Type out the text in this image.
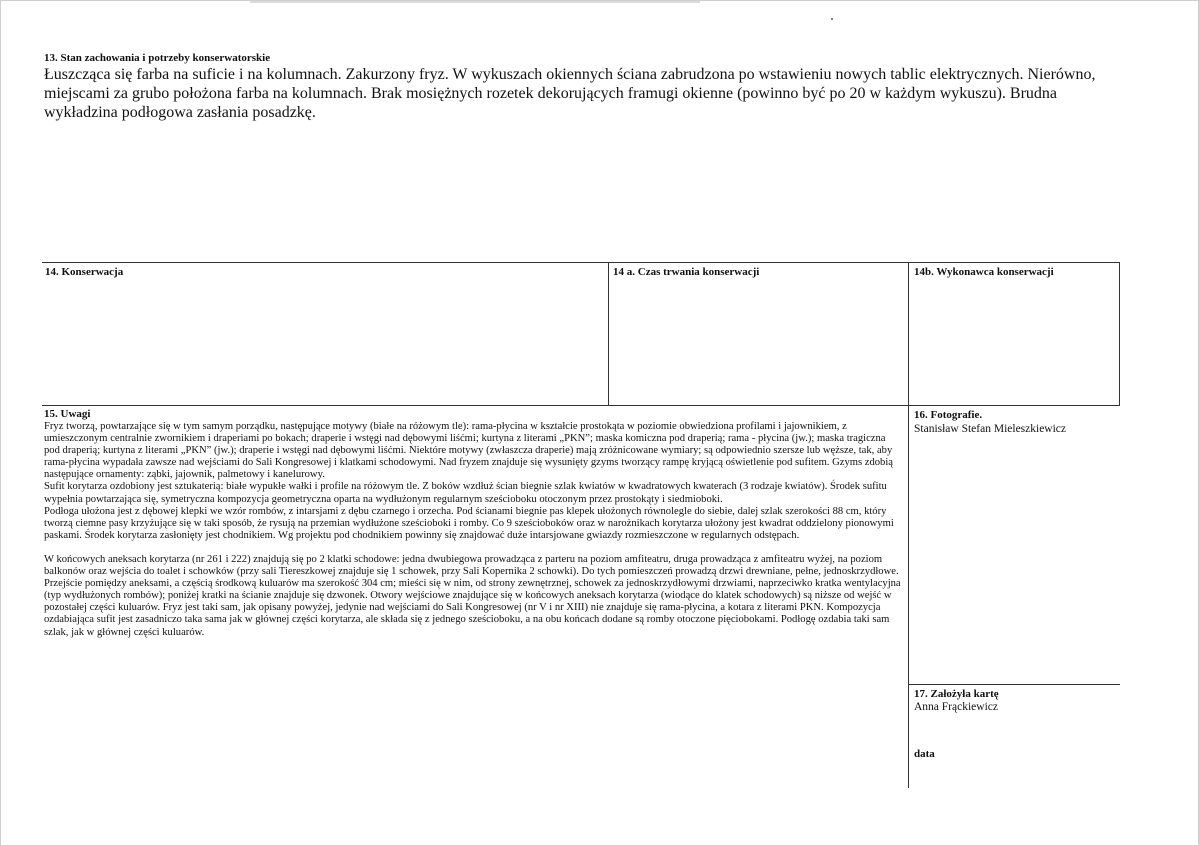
13. Stan zachowania i potrzeby konserwatorskie
Łuszcząca się farba na suficie i na kolumnach. Zakurzony fryz. W wykuszach okiennych ściana zabrudzona po wstawieniu nowych tablic elektrycznych. Nierówno, miejscami za grubo położona farba na kolumnach. Brak mosiężnych rozetek dekorujących framugi okienne (powinno być po 20 w każdym wykuszu). Brudna wykładzina podłogowa zasłania posadzkę.
14. Konserwacja	14 a. Czas trwania konserwacji	14b. Wykonawca konserwacji
15. Uwagi

Fryz tworzą, powtarzające się w tym samym porządku, następujące motywy (białe na różowym tle): rama-płycina w kształcie prostokąta w poziomie obwiedziona profilami i jajownikiem, z umieszczonym centralnie zwornikiem i draperiami po bokach; draperie i wstęgi nad dębowymi liśćmi; kurtyna z literami „PKN”; maska komiczna pod draperią; rama - płycina (jw.); maska tragiczna pod draperią; kurtyna z literami „PKN” (jw.); draperie i wstęgi nad dębowymi liśćmi. Niektóre motywy (zwłaszcza draperie) mają zróżnicowane wymiary; są odpowiednio szersze lub węższe, tak, aby rama-płycina wypadała zawsze nad wejściami do Sali Kongresowej i klatkami schodowymi. Nad fryzem znajduje się wysunięty gzyms tworzący rampę kryjącą oświetlenie pod sufitem. Gzyms zdobią następujące ornamenty: ząbki, jajownik, palmetowy i kanelurowy.

Sufit korytarza ozdobiony jest sztukaterią: białe wypukłe wałki i profile na różowym tle. Z boków wzdłuż ścian biegnie szlak kwiatów w kwadratowych kwaterach (3 rodzaje kwiatów). Środek sufitu wypełnia powtarzająca się, symetryczna kompozycja geometryczna oparta na wydłużonym regularnym sześcioboku otoczonym przez prostokąty i siedmioboki.

Podłoga ułożona jest z dębowej klepki we wzór rombów, z intarsjami z dębu czarnego i orzecha. Pod ścianami biegnie pas klepek ułożonych równolegle do siebie, dalej szlak szerokości 88 cm, który tworzą ciemne pasy krzyżujące się w taki sposób, że rysują na przemian wydłużone sześcioboki i romby. Co 9 sześcioboków oraz w narożnikach korytarza ułożony jest kwadrat oddzielony pionowymi paskami. Środek korytarza zasłonięty jest chodnikiem. Wg projektu pod chodnikiem powinny się znajdować duże intarsjowane gwiazdy rozmieszczone w regularnych odstępach.

W końcowych aneksach korytarza (nr 261 i 222) znajdują się po 2 klatki schodowe: jedna dwubiegowa prowadząca z parteru na poziom amfiteatru, druga prowadząca z amfiteatru wyżej, na poziom balkonów oraz wejścia do toalet i schowków (przy sali Tiereszkowej znajduje się 1 schowek, przy Sali Kopernika 2 schowki). Do tych pomieszczeń prowadzą drzwi drewniane, pełne, jednoskrzydłowe.

Przejście pomiędzy aneksami, a częścią środkową kuluarów ma szerokość 304 cm; mieści się w nim, od strony zewnętrznej, schowek za jednoskrzydłowymi drzwiami, naprzeciwko kratka wentylacyjna (typ wydłużonych rombów); poniżej kratki na ścianie znajduje się dzwonek. Otwory wejściowe znajdujące się w końcowych aneksach korytarza (wiodące do klatek schodowych) są niższe od wejść w pozostałej części kuluarów. Fryz jest taki sam, jak opisany powyżej, jedynie nad wejściami do Sali Kongresowej (nr V i nr XIII) nie znajduje się rama-płycina, a kotara z literami PKN. Kompozycja ozdabiająca sufit jest zasadniczo taka sama jak w głównej części korytarza, ale składa się z jednego sześcioboku, a na obu końcach dodane są romby otoczone pięciobokami. Podłogę ozdabia taki sam szlak, jak w głównej części kuluarów.

16. Fotografie.
Stanisław Stefan Mieleszkiewicz
17. Założyła kartę
Anna Frąckiewicz
data
